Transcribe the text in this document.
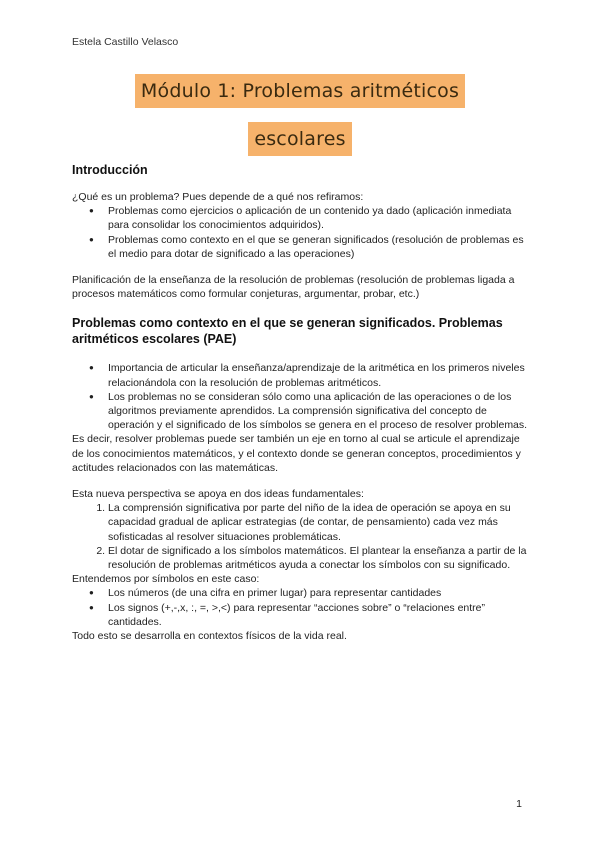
Estela Castillo Velasco
Módulo 1: Problemas aritméticos
escolares
Introducción

¿Qué es un problema? Pues depende de a qué nos refiramos:

● Problemas como ejercicios o aplicación de un contenido ya dado (aplicación inmediata para consolidar los conocimientos adquiridos).
● Problemas como contexto en el que se generan significados (resolución de problemas es el medio para dotar de significado a las operaciones)

Planificación de la enseñanza de la resolución de problemas (resolución de problemas ligada a procesos matemáticos como formular conjeturas, argumentar, probar, etc.)

Problemas como contexto en el que se generan significados. Problemas aritméticos escolares (PAE)
● Importancia de articular la enseñanza/aprendizaje de la aritmética en los primeros niveles relacionándola con la resolución de problemas aritméticos.
● Los problemas no se consideran sólo como una aplicación de las operaciones o de los algoritmos previamente aprendidos. La comprensión significativa del concepto de operación y el significado de los símbolos se genera en el proceso de resolver problemas.

Es decir, resolver problemas puede ser también un eje en torno al cual se articule el aprendizaje de los conocimientos matemáticos, y el contexto donde se generan conceptos, procedimientos y actitudes relacionados con las matemáticas.

Esta nueva perspectiva se apoya en dos ideas fundamentales:

1. La comprensión significativa por parte del niño de la idea de operación se apoya en su capacidad gradual de aplicar estrategias (de contar, de pensamiento) cada vez más sofisticadas al resolver situaciones problemáticas.
2. El dotar de significado a los símbolos matemáticos. El plantear la enseñanza a partir de la resolución de problemas aritméticos ayuda a conectar los símbolos con su significado.

Entendemos por símbolos en este caso:

● Los números (de una cifra en primer lugar) para representar cantidades
● Los signos (+,-,x, :, =, >,<) para representar “acciones sobre” o “relaciones entre” cantidades.

Todo esto se desarrolla en contextos físicos de la vida real.

1
